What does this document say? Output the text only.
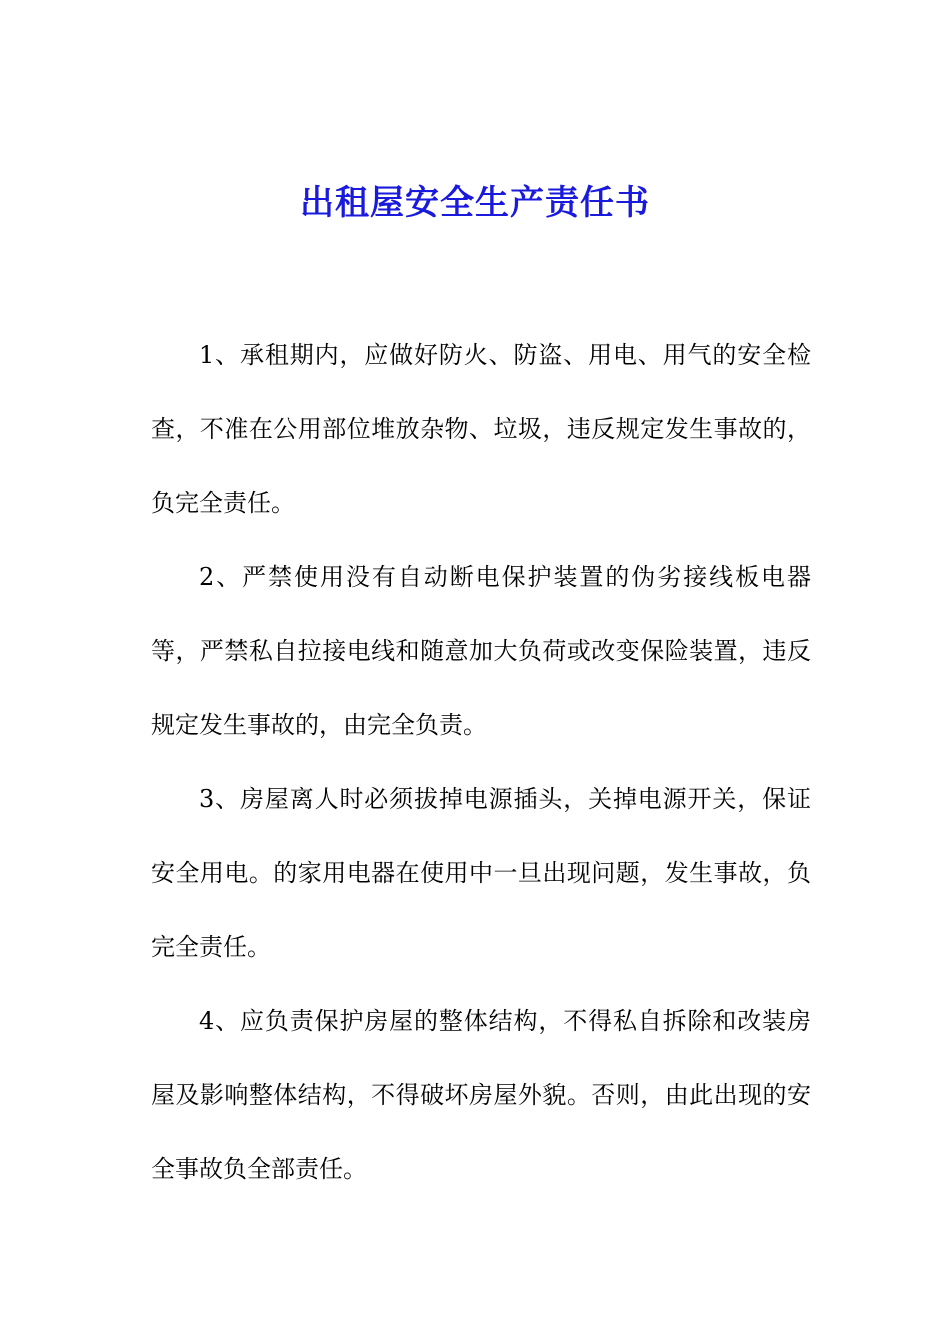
出租屋安全生产责任书

1、承租期内，应做好防火、防盗、用电、用气的安全检查，不准在公用部位堆放杂物、垃圾，违反规定发生事故的，负完全责任。

2、严禁使用没有自动断电保护装置的伪劣接线板电器等，严禁私自拉接电线和随意加大负荷或改变保险装置，违反规定发生事故的，由完全负责。

3、房屋离人时必须拔掉电源插头，关掉电源开关，保证安全用电。的家用电器在使用中一旦出现问题，发生事故，负完全责任。

4、应负责保护房屋的整体结构，不得私自拆除和改装房屋及影响整体结构，不得破坏房屋外貌。否则，由此出现的安全事故负全部责任。
